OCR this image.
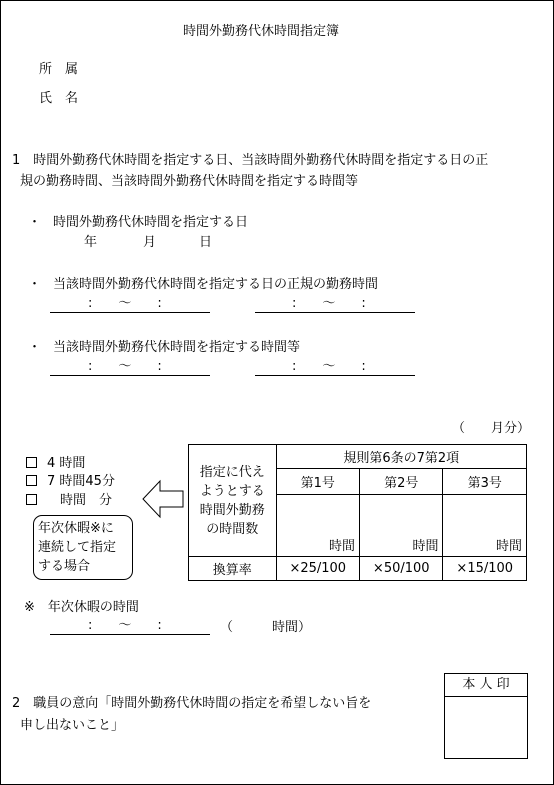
時間外勤務代休時間指定簿
所　属
氏　名
1　時間外勤務代休時間を指定する日、当該時間外勤務代休時間を指定する日の正
規の勤務時間、当該時間外勤務代休時間を指定する時間等
・ 時間外勤務代休時間を指定する日
年	月	日
・ 当該時間外勤務代休時間を指定する日の正規の勤務時間
:　　〜　　:	:　　〜　　:
・ 当該時間外勤務代休時間を指定する時間等
:　　〜　　:	:　　〜　　:
（　　月分）
4 時間
7 時間45分
　時間　分
年次休暇※に
連続して指定
する場合
指定に代え
ようとする
時間外勤務
の時間数	規則第6条の7第2項		
	第1号	第2号	第3号
	時間	時間	時間
換算率	×25/100	×50/100	×15/100
※　年次休暇の時間
:　　〜　　:	（　　　時間）
2　職員の意向「時間外勤務代休時間の指定を希望しない旨を
申し出ないこと」
本 人 印
